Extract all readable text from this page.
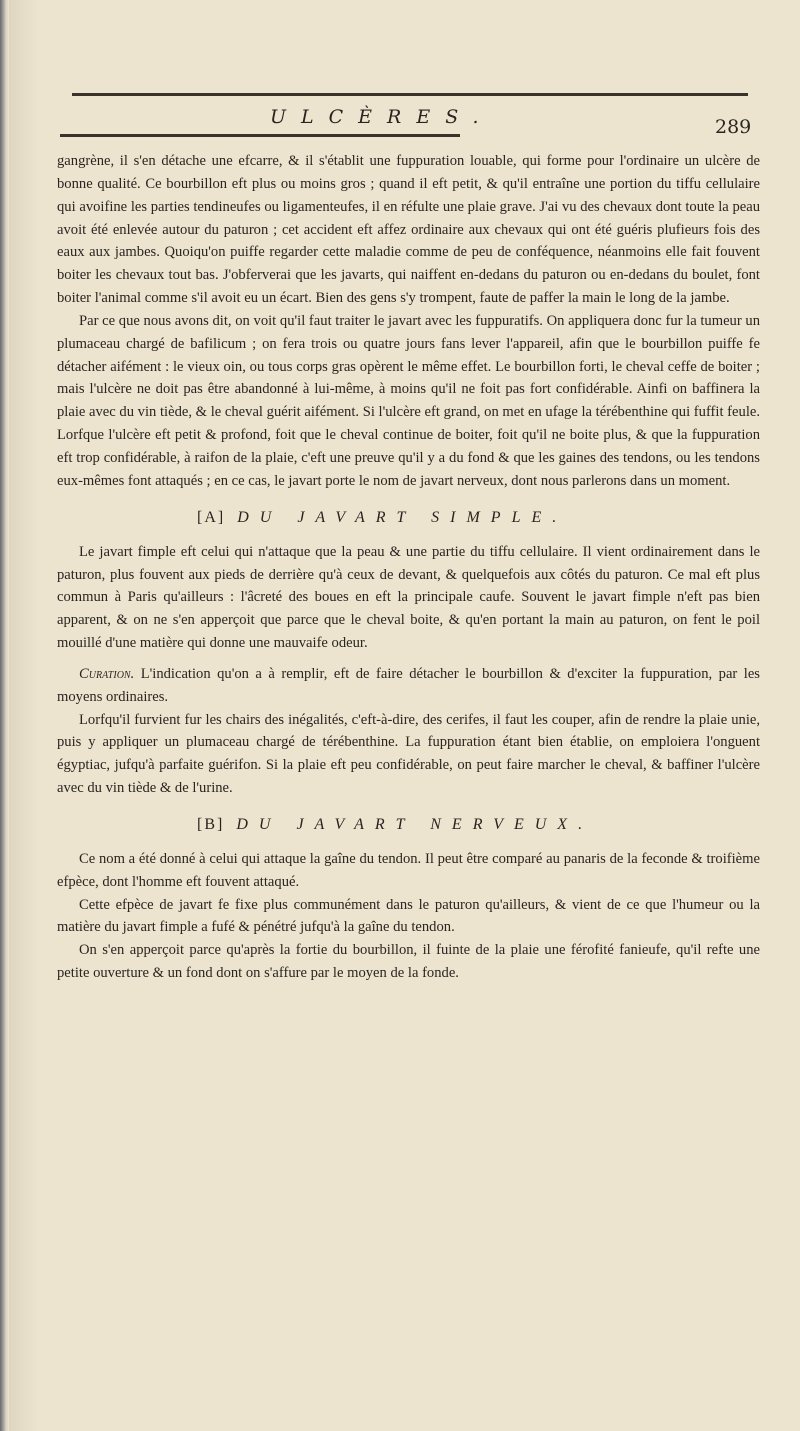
ULCÈRES.	289

gangrène, il s'en détache une efcarre, & il s'établit une fuppuration louable, qui forme pour l'ordinaire un ulcère de bonne qualité. Ce bourbillon eft plus ou moins gros ; quand il eft petit, & qu'il entraîne une portion du tiffu cellulaire qui avoifine les parties tendineufes ou ligamenteufes, il en réfulte une plaie grave. J'ai vu des chevaux dont toute la peau avoit été enlevée autour du paturon ; cet accident eft affez ordinaire aux chevaux qui ont été guéris plufieurs fois des eaux aux jambes. Quoiqu'on puiffe regarder cette maladie comme de peu de conféquence, néanmoins elle fait fouvent boiter les chevaux tout bas. J'obferverai que les javarts, qui naiffent en-dedans du paturon ou en-dedans du boulet, font boiter l'animal comme s'il avoit eu un écart. Bien des gens s'y trompent, faute de paffer la main le long de la jambe.

Par ce que nous avons dit, on voit qu'il faut traiter le javart avec les fuppuratifs. On appliquera donc fur la tumeur un plumaceau chargé de bafilicum ; on fera trois ou quatre jours fans lever l'appareil, afin que le bourbillon puiffe fe détacher aifément : le vieux oin, ou tous corps gras opèrent le même effet. Le bourbillon forti, le cheval ceffe de boiter ; mais l'ulcère ne doit pas être abandonné à lui-même, à moins qu'il ne foit pas fort confidérable. Ainfi on baffinera la plaie avec du vin tiède, & le cheval guérit aifément. Si l'ulcère eft grand, on met en ufage la térébenthine qui fuffit feule. Lorfque l'ulcère eft petit & profond, foit que le cheval continue de boiter, foit qu'il ne boite plus, & que la fuppuration eft trop confidérable, à raifon de la plaie, c'eft une preuve qu'il y a du fond & que les gaines des tendons, ou les tendons eux-mêmes font attaqués ; en ce cas, le javart porte le nom de javart nerveux, dont nous parlerons dans un moment.

[A] DU JAVART SIMPLE.

Le javart fimple eft celui qui n'attaque que la peau & une partie du tiffu cellulaire. Il vient ordinairement dans le paturon, plus fouvent aux pieds de derrière qu'à ceux de devant, & quelquefois aux côtés du paturon. Ce mal eft plus commun à Paris qu'ailleurs : l'âcreté des boues en eft la principale caufe. Souvent le javart fimple n'eft pas bien apparent, & on ne s'en apperçoit que parce que le cheval boite, & qu'en portant la main au paturon, on fent le poil mouillé d'une matière qui donne une mauvaife odeur.

Curation. L'indication qu'on a à remplir, eft de faire détacher le bourbillon & d'exciter la fuppuration, par les moyens ordinaires.

Lorfqu'il furvient fur les chairs des inégalités, c'eft-à-dire, des cerifes, il faut les couper, afin de rendre la plaie unie, puis y appliquer un plumaceau chargé de térébenthine. La fuppuration étant bien établie, on emploiera l'onguent égyptiac, jufqu'à parfaite guérifon. Si la plaie eft peu confidérable, on peut faire marcher le cheval, & baffiner l'ulcère avec du vin tiède & de l'urine.

[B] DU JAVART NERVEUX.

Ce nom a été donné à celui qui attaque la gaîne du tendon. Il peut être comparé au panaris de la feconde & troifième efpèce, dont l'homme eft fouvent attaqué.

Cette efpèce de javart fe fixe plus communément dans le paturon qu'ailleurs, & vient de ce que l'humeur ou la matière du javart fimple a fufé & pénétré jufqu'à la gaîne du tendon.

On s'en apperçoit parce qu'après la fortie du bourbillon, il fuinte de la plaie une férofité fanieufe, qu'il refte une petite ouverture & un fond dont on s'affure par le moyen de la fonde.
